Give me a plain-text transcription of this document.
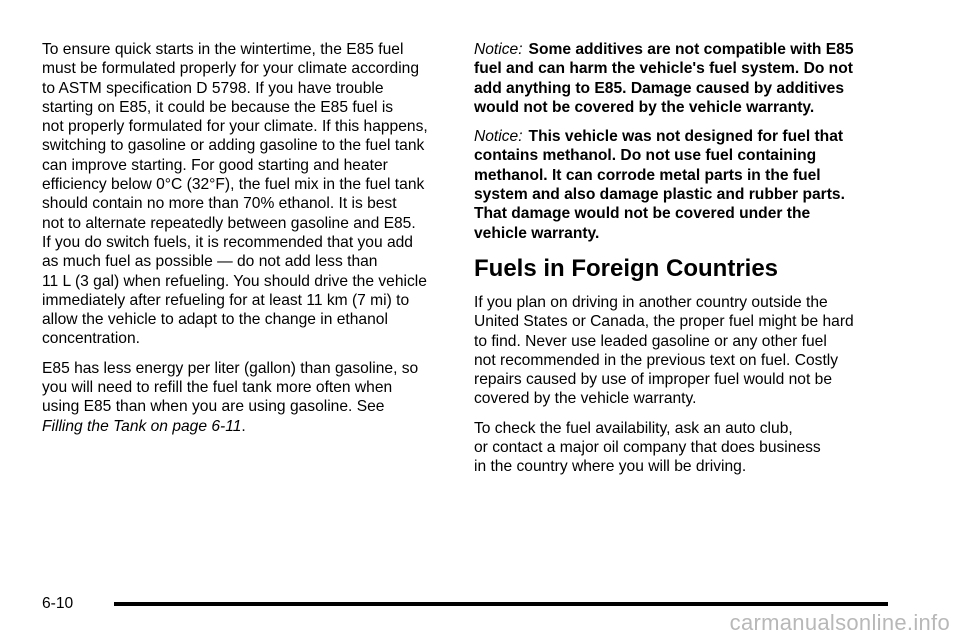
To ensure quick starts in the wintertime, the E85 fuel
must be formulated properly for your climate according
to ASTM specification D 5798. If you have trouble
starting on E85, it could be because the E85 fuel is
not properly formulated for your climate. If this happens,
switching to gasoline or adding gasoline to the fuel tank
can improve starting. For good starting and heater
efficiency below 0°C (32°F), the fuel mix in the fuel tank
should contain no more than 70% ethanol. It is best
not to alternate repeatedly between gasoline and E85.
If you do switch fuels, it is recommended that you add
as much fuel as possible — do not add less than
11 L (3 gal) when refueling. You should drive the vehicle
immediately after refueling for at least 11 km (7 mi) to
allow the vehicle to adapt to the change in ethanol
concentration.

E85 has less energy per liter (gallon) than gasoline, so
you will need to refill the fuel tank more often when
using E85 than when you are using gasoline. See
Filling the Tank on page 6-11.

Notice: Some additives are not compatible with E85
fuel and can harm the vehicle's fuel system. Do not
add anything to E85. Damage caused by additives
would not be covered by the vehicle warranty.

Notice: This vehicle was not designed for fuel that
contains methanol. Do not use fuel containing
methanol. It can corrode metal parts in the fuel
system and also damage plastic and rubber parts.
That damage would not be covered under the
vehicle warranty.

Fuels in Foreign Countries

If you plan on driving in another country outside the
United States or Canada, the proper fuel might be hard
to find. Never use leaded gasoline or any other fuel
not recommended in the previous text on fuel. Costly
repairs caused by use of improper fuel would not be
covered by the vehicle warranty.

To check the fuel availability, ask an auto club,
or contact a major oil company that does business
in the country where you will be driving.

6-10
carmanualsonline.info
